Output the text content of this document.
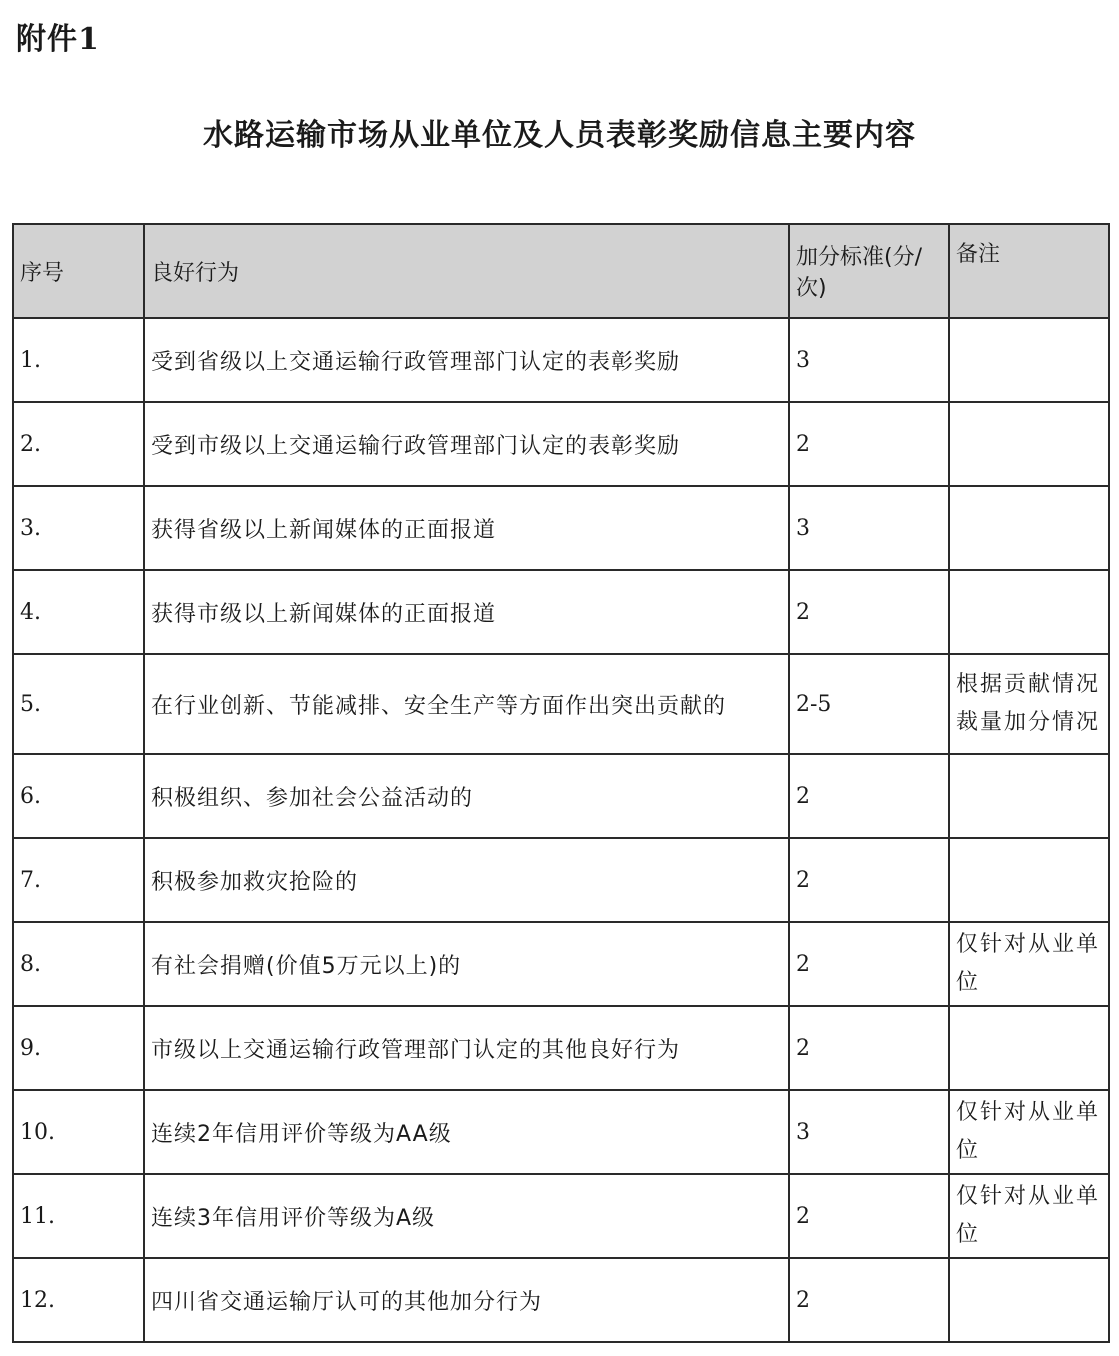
附件1
水路运输市场从业单位及人员表彰奖励信息主要内容
序号	良好行为	加分标准(分/次)	备注
1.	受到省级以上交通运输行政管理部门认定的表彰奖励	3	
2.	受到市级以上交通运输行政管理部门认定的表彰奖励	2	
3.	获得省级以上新闻媒体的正面报道	3	
4.	获得市级以上新闻媒体的正面报道	2	
5.	在行业创新、节能减排、安全生产等方面作出突出贡献的	2-5	根据贡献情况裁量加分情况
6.	积极组织、参加社会公益活动的	2	
7.	积极参加救灾抢险的	2	
8.	有社会捐赠(价值5万元以上)的	2	仅针对从业单位
9.	市级以上交通运输行政管理部门认定的其他良好行为	2	
10.	连续2年信用评价等级为AA级	3	仅针对从业单位
11.	连续3年信用评价等级为A级	2	仅针对从业单位
12.	四川省交通运输厅认可的其他加分行为	2	
